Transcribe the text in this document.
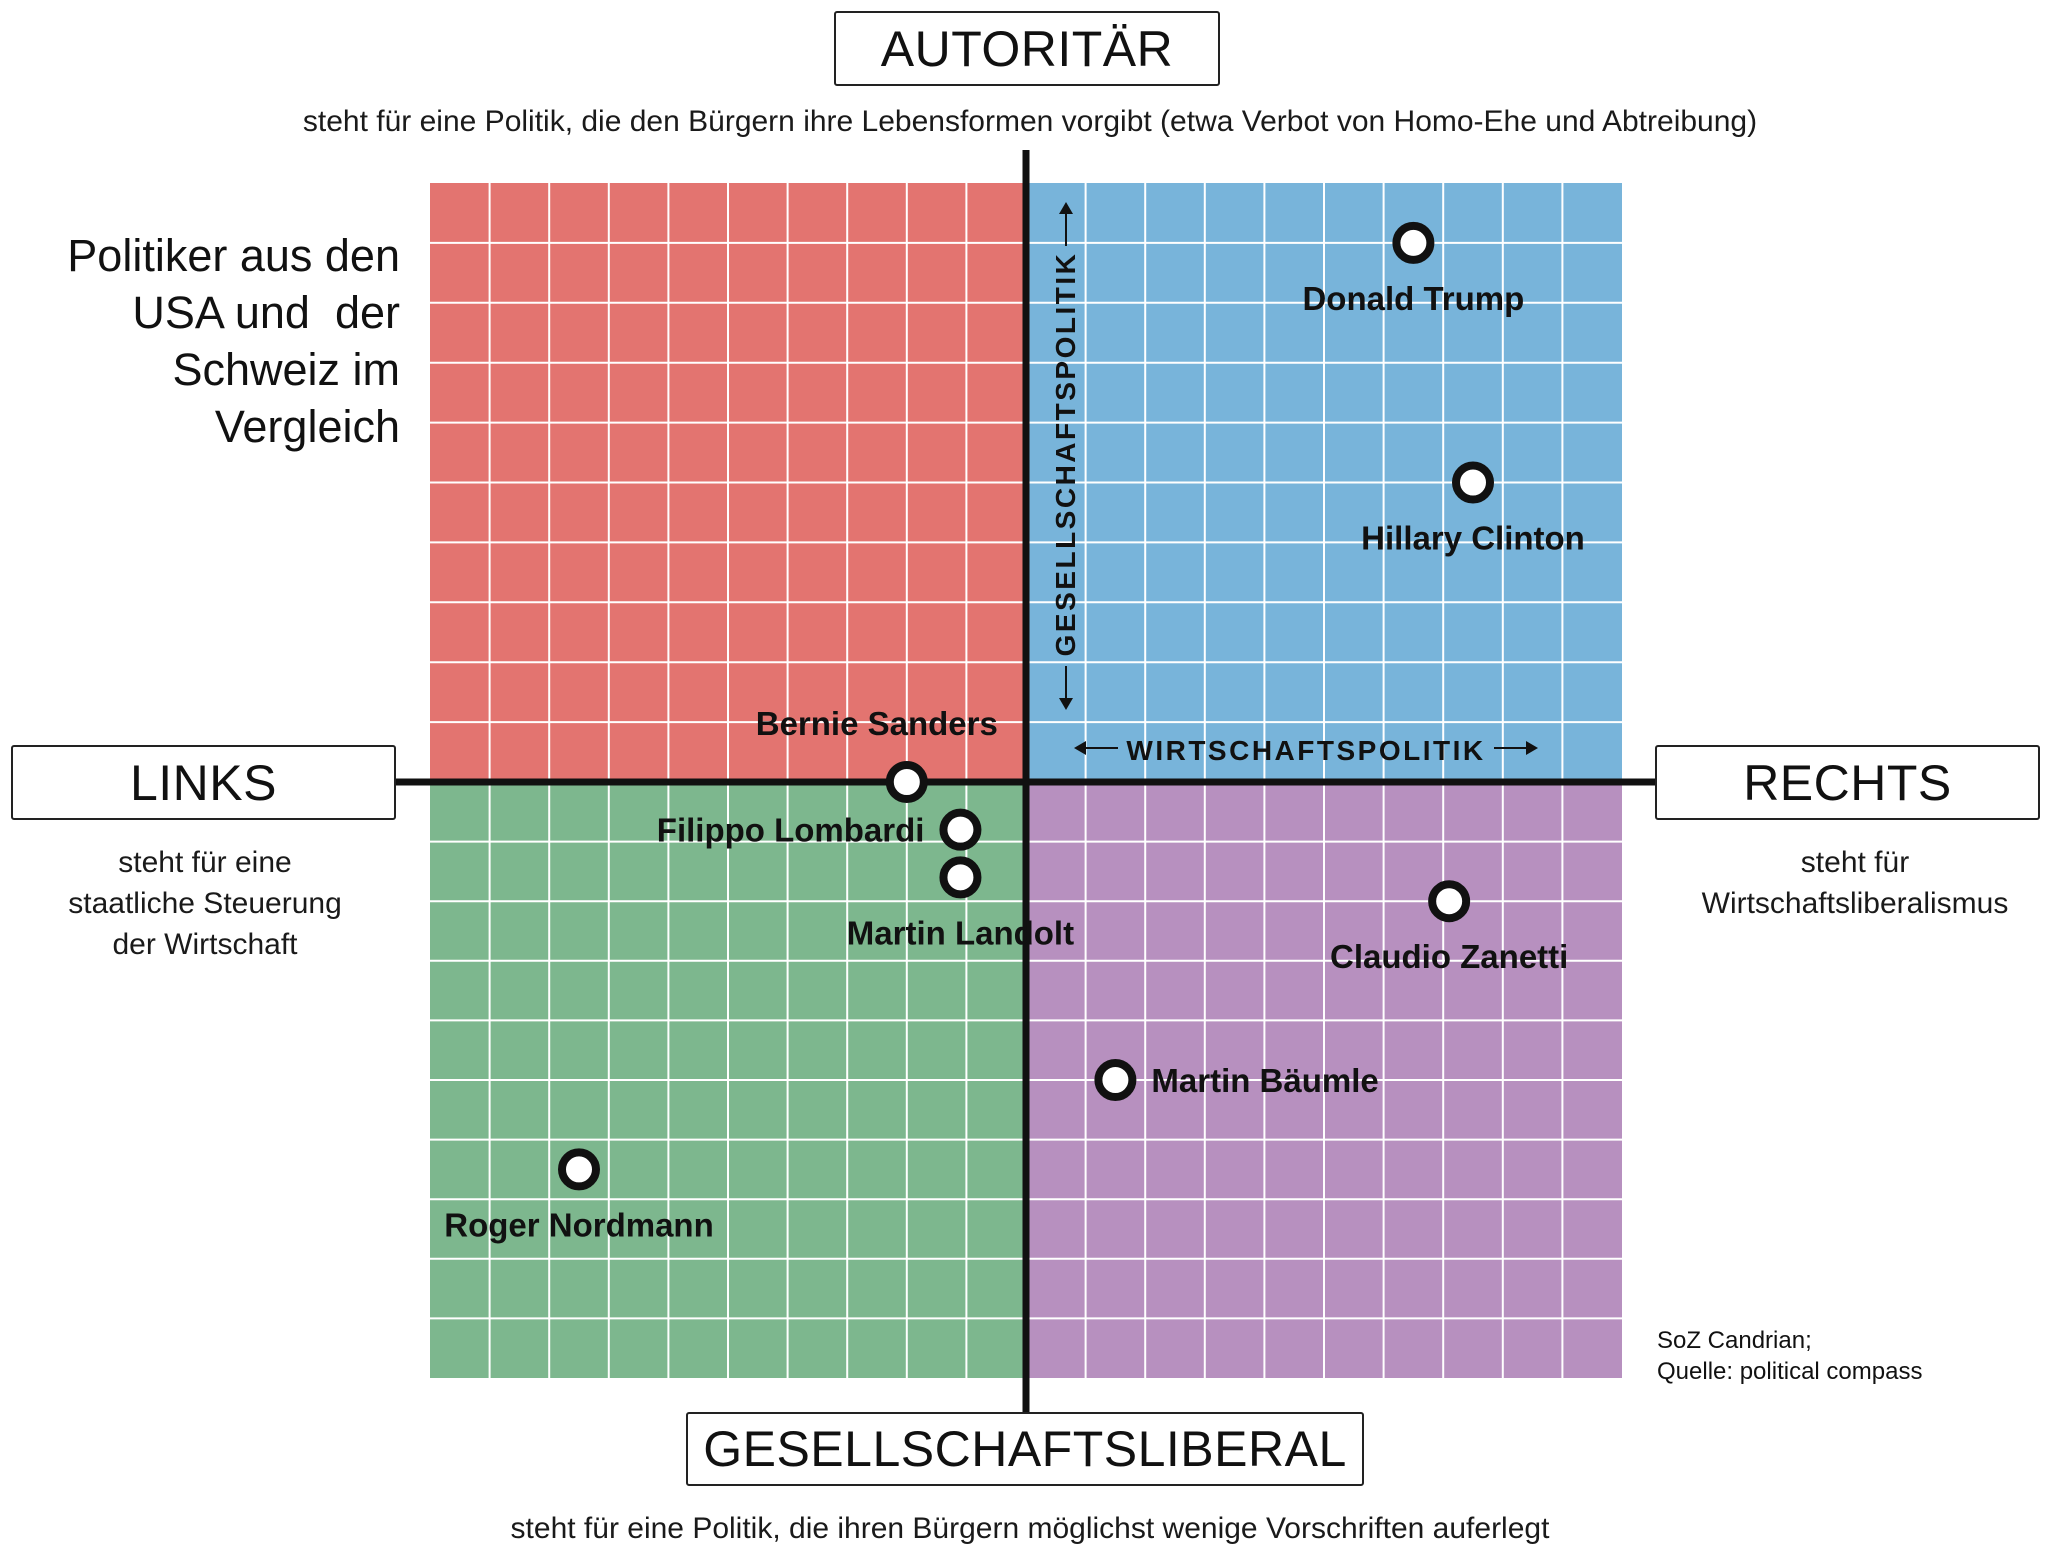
WIRTSCHAFTSPOLITIK
GESELLSCHAFTSPOLITIK	Donald Trump
Hillary Clinton
Bernie Sanders
Filippo Lombardi
Martin Landolt
Claudio Zanetti
Martin Bäumle
Roger Nordmann
AUTORITÄR
steht für eine Politik, die den Bürgern ihre Lebensformen vorgibt (etwa Verbot von Homo-Ehe und Abtreibung)
GESELLSCHAFTSLIBERAL
steht für eine Politik, die ihren Bürgern möglichst wenige Vorschriften auferlegt
LINKS
steht für eine
staatliche Steuerung
der Wirtschaft
RECHTS
steht für
Wirtschaftsliberalismus
Politiker aus den
USA und  der
Schweiz im
Vergleich
SoZ Candrian;
Quelle: political compass
